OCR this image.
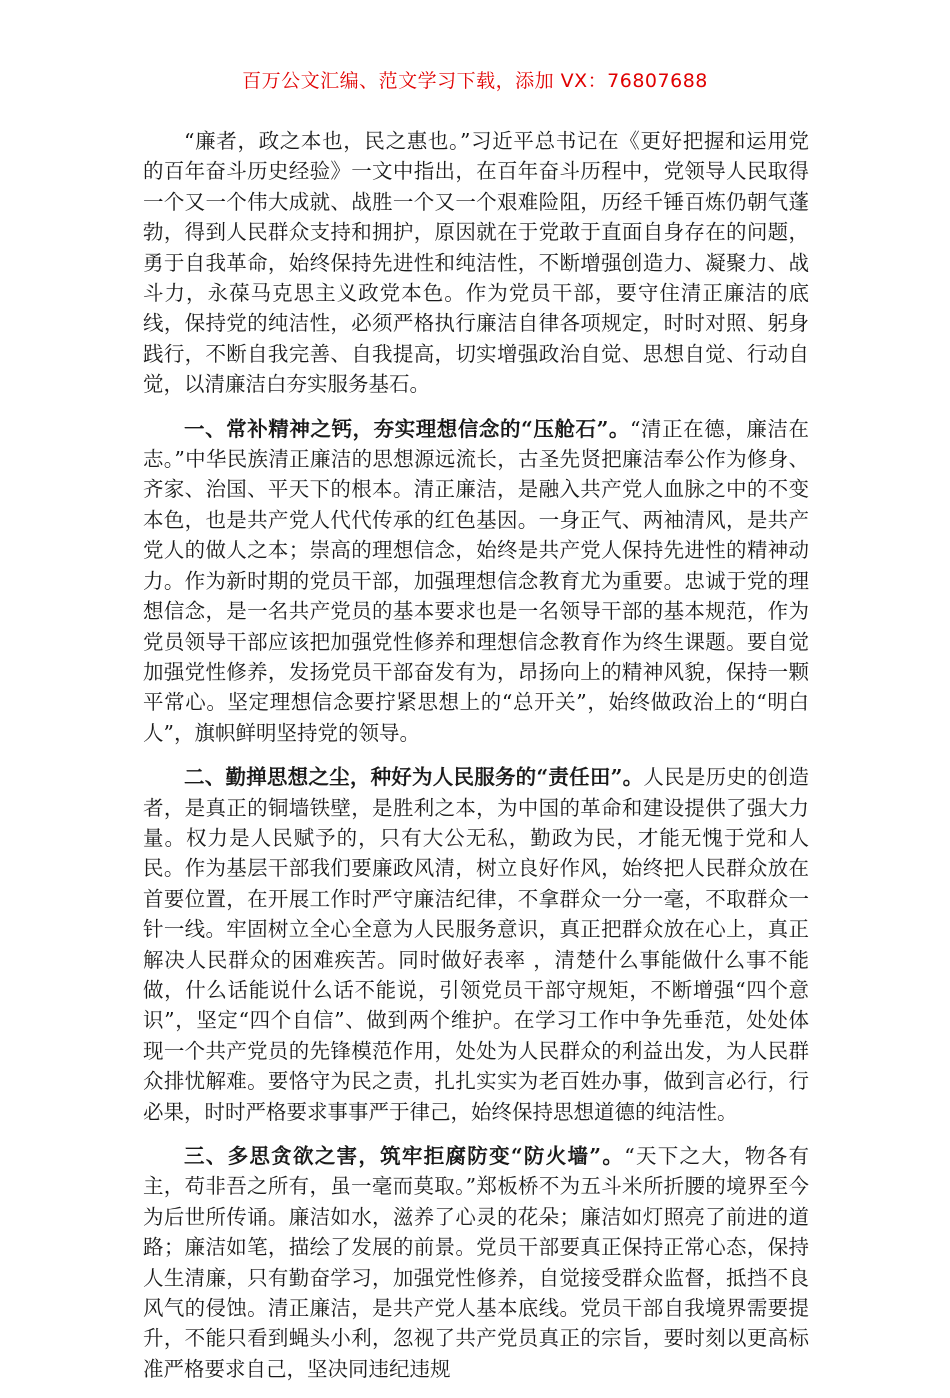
百万公文汇编、范文学习下载，添加 VX：76807688

“廉者，政之本也，民之惠也。”习近平总书记在《更好把握和运用党的百年奋斗历史经验》一文中指出，在百年奋斗历程中，党领导人民取得一个又一个伟大成就、战胜一个又一个艰难险阻，历经千锤百炼仍朝气蓬勃，得到人民群众支持和拥护，原因就在于党敢于直面自身存在的问题，勇于自我革命，始终保持先进性和纯洁性，不断增强创造力、凝聚力、战斗力，永葆马克思主义政党本色。作为党员干部，要守住清正廉洁的底线，保持党的纯洁性，必须严格执行廉洁自律各项规定，时时对照、躬身践行，不断自我完善、自我提高，切实增强政治自觉、思想自觉、行动自觉，以清廉洁白夯实服务基石。

一、常补精神之钙，夯实理想信念的“压舱石”。“清正在德，廉洁在志。”中华民族清正廉洁的思想源远流长，古圣先贤把廉洁奉公作为修身、齐家、治国、平天下的根本。清正廉洁，是融入共产党人血脉之中的不变本色，也是共产党人代代传承的红色基因。一身正气、两袖清风，是共产党人的做人之本；崇高的理想信念，始终是共产党人保持先进性的精神动力。作为新时期的党员干部，加强理想信念教育尤为重要。忠诚于党的理想信念，是一名共产党员的基本要求也是一名领导干部的基本规范，作为党员领导干部应该把加强党性修养和理想信念教育作为终生课题。要自觉加强党性修养，发扬党员干部奋发有为，昂扬向上的精神风貌，保持一颗平常心。坚定理想信念要拧紧思想上的“总开关”，始终做政治上的“明白人”，旗帜鲜明坚持党的领导。

二、勤掸思想之尘，种好为人民服务的“责任田”。人民是历史的创造者，是真正的铜墙铁壁，是胜利之本，为中国的革命和建设提供了强大力量。权力是人民赋予的，只有大公无私，勤政为民，才能无愧于党和人民。作为基层干部我们要廉政风清，树立良好作风，始终把人民群众放在首要位置，在开展工作时严守廉洁纪律，不拿群众一分一毫，不取群众一针一线。牢固树立全心全意为人民服务意识，真正把群众放在心上，真正解决人民群众的困难疾苦。同时做好表率 ，清楚什么事能做什么事不能做，什么话能说什么话不能说，引领党员干部守规矩，不断增强“四个意识”，坚定“四个自信”、做到两个维护。在学习工作中争先垂范，处处体现一个共产党员的先锋模范作用，处处为人民群众的利益出发，为人民群众排忧解难。要恪守为民之责，扎扎实实为老百姓办事，做到言必行，行必果，时时严格要求事事严于律己，始终保持思想道德的纯洁性。

三、多思贪欲之害，筑牢拒腐防变“防火墙”。“天下之大，物各有主，苟非吾之所有，虽一毫而莫取。”郑板桥不为五斗米所折腰的境界至今为后世所传诵。廉洁如水，滋养了心灵的花朵；廉洁如灯照亮了前进的道路；廉洁如笔，描绘了发展的前景。党员干部要真正保持正常心态，保持人生清廉，只有勤奋学习，加强党性修养，自觉接受群众监督，抵挡不良风气的侵蚀。清正廉洁，是共产党人基本底线。党员干部自我境界需要提升，不能只看到蝇头小利，忽视了共产党员真正的宗旨，要时刻以更高标准严格要求自己，坚决同违纪违规
